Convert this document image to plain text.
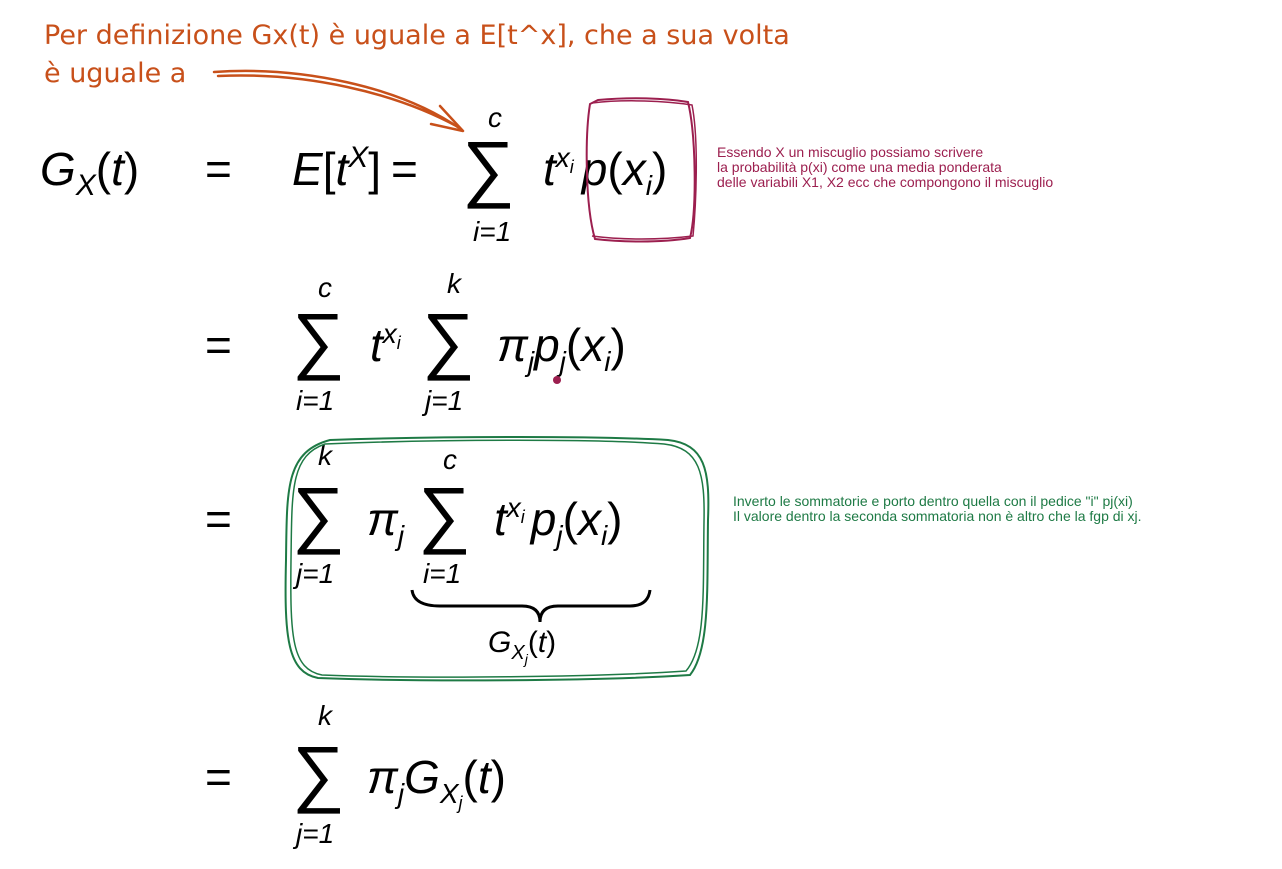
Per definizione Gx(t) è uguale a E[t^x], che a sua volta
è uguale a
Essendo X un miscuglio possiamo scrivere
la probabilità p(xi) come una media ponderata
delle variabili X1, X2 ecc che compongono il miscuglio
Inverto le sommatorie e porto dentro quella con il pedice "i" pj(xi)
Il valore dentro la seconda sommatoria non è altro che la fgp di xj.
$G_X(t) = E[t^X]$ =
c
∑
i=1
$t^{xi}$ $p(x_i)$
=
c
∑
i=1
$t^{xi}$
k
∑
j=1
$\pi_jp_j(x_i)$
=
k
∑
j=1
$\pi_j$
c
∑
i=1
$t^{xi}$ $p_j(x_i)$
$G_{Xj}(t)$
=
k
∑
j=1
$\pi_jG_{Xj}(t)$
